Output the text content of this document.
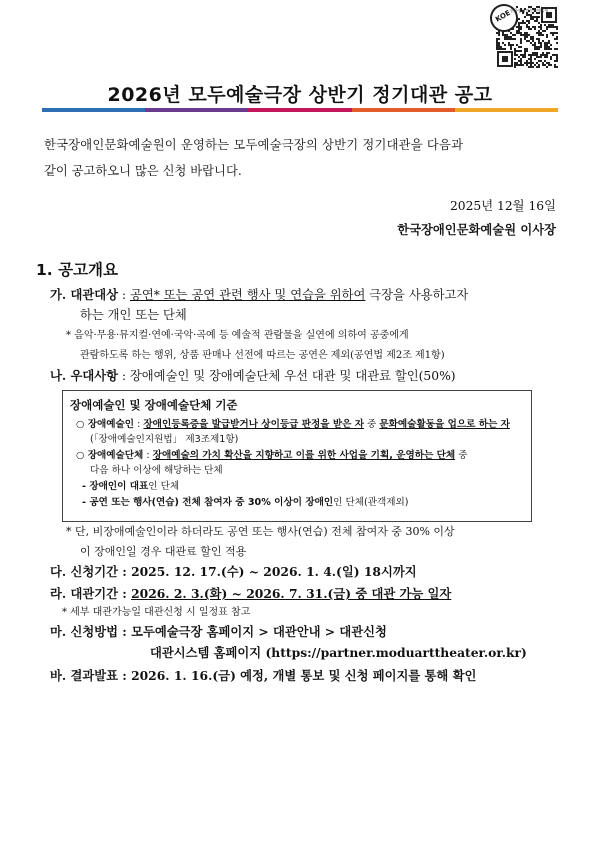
KOE
한국장애인문화예술원
2026년 모두예술극장 상반기 정기대관 공고
한국장애인문화예술원이 운영하는 모두예술극장의 상반기 정기대관을 다음과
같이 공고하오니 많은 신청 바랍니다.
2025년 12월 16일
한국장애인문화예술원 이사장
1. 공고개요
가. 대관대상 : 공연* 또는 공연 관련 행사 및 연습을 위하여 극장을 사용하고자
하는 개인 또는 단체
* 음악·무용·뮤지컬·연예·국악·곡예 등 예술적 관람물을 실연에 의하여 공중에게
관람하도록 하는 행위, 상품 판매나 선전에 따르는 공연은 제외(공연법 제2조 제1항)
나. 우대사항 : 장애예술인 및 장애예술단체 우선 대관 및 대관료 할인(50%)
장애예술인 및 장애예술단체 기준
○ 장애예술인 : 장애인등록증을 발급받거나 상이등급 판정을 받은 자 중 문화예술활동을 업으로 하는 자
(「장애예술인지원법」 제3조제1항)
○ 장애예술단체 : 장애예술의 가치 확산을 지향하고 이를 위한 사업을 기획, 운영하는 단체 중
다음 하나 이상에 해당하는 단체
- 장애인이 대표인 단체
- 공연 또는 행사(연습) 전체 참여자 중 30% 이상이 장애인인 단체(관객제외)
* 단, 비장애예술인이라 하더라도 공연 또는 행사(연습) 전체 참여자 중 30% 이상
이 장애인일 경우 대관료 할인 적용
다. 신청기간 : 2025. 12. 17.(수) ~ 2026. 1. 4.(일) 18시까지
라. 대관기간 : 2026. 2. 3.(화) ~ 2026. 7. 31.(금) 중 대관 가능 일자
* 세부 대관가능일 대관신청 시 일정표 참고
마. 신청방법 : 모두예술극장 홈페이지 > 대관안내 > 대관신청
대관시스템 홈페이지 (https://partner.moduarttheater.or.kr)
바. 결과발표 : 2026. 1. 16.(금) 예정, 개별 통보 및 신청 페이지를 통해 확인
